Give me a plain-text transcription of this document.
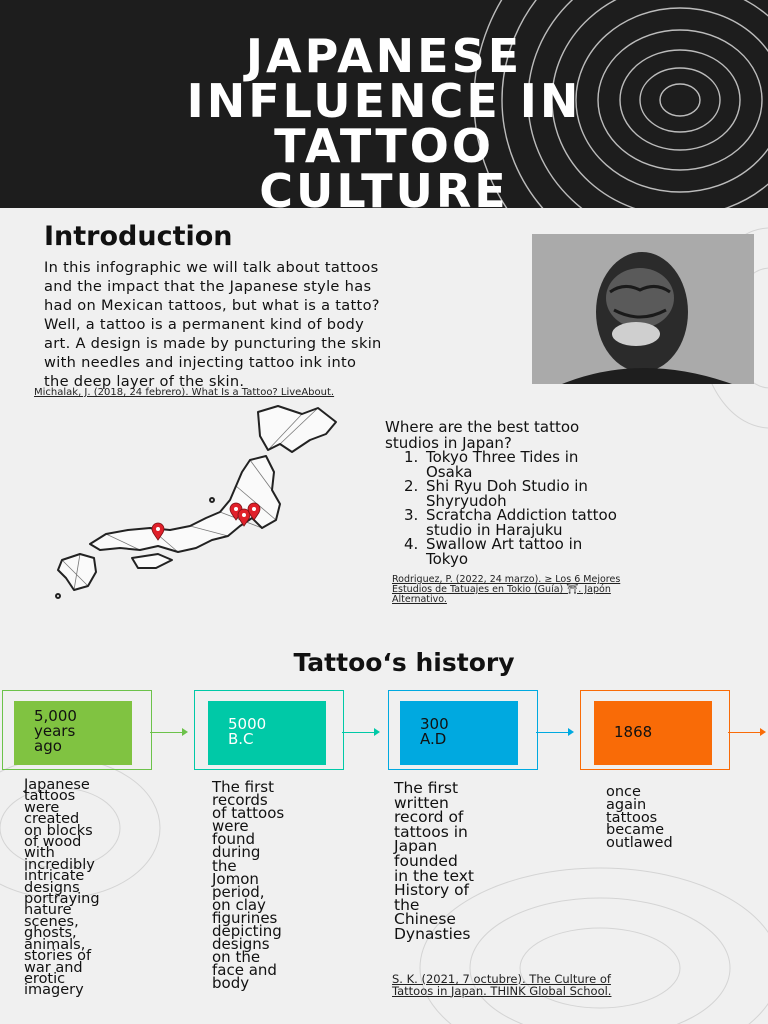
JAPANESE
INFLUENCE IN
TATTOO
CULTURE
Introduction

In this infographic we will talk about tattoos
and the impact that the Japanese style has
had on Mexican tattoos, but what is a tatto?
Well, a tattoo is a permanent kind of body
art. A design is made by puncturing the skin
with needles and injecting tattoo ink into
the deep layer of the skin.

Michalak, J. (2018, 24 febrero). What Is a Tattoo? LiveAbout.

Where are the best tattoo
studios in Japan?

1. Tokyo Three Tides in
Osaka
2. Shi Ryu Doh Studio in
Shyryudoh
3. Scratcha Addiction tattoo
studio in Harajuku
4. Swallow Art tattoo in
Tokyo
Rodriguez, P. (2022, 24 marzo). ≥ Los 6 Mejores
Estudios de Tatuajes en Tokio (Guía) ⛩. Japón
Alternativo.
Tattoo‘s history
5,000
years
ago
5000
B.C
300
A.D	1868

Japanese
tattoos
were
created
on blocks
of wood
with
incredibly
intricate
designs
portraying
nature
scenes,
ghosts,
animals,
stories of
war and
erotic
imagery

The first
records
of tattoos
were
found
during
the
Jomon
period,
on clay
figurines
depicting
designs
on the
face and
body

The first
written
record of
tattoos in
Japan
founded
in the text
History of
the
Chinese
Dynasties

once
again
tattoos
became
outlawed

S. K. (2021, 7 octubre). The Culture of
Tattoos in Japan. THINK Global School.
